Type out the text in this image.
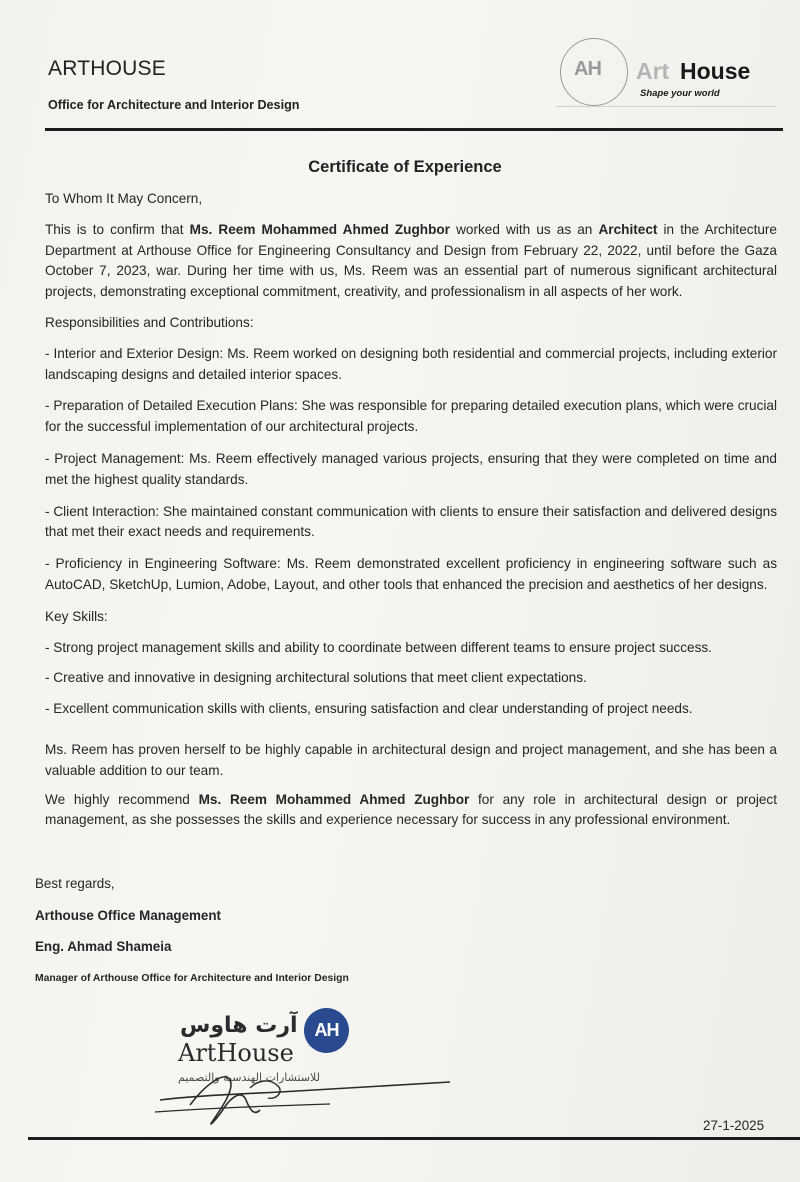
ARTHOUSE
Office for Architecture and Interior Design
AH Art House
Shape your world
Certificate of Experience

To Whom It May Concern,

This is to confirm that Ms. Reem Mohammed Ahmed Zughbor worked with us as an Architect in the Architecture Department at Arthouse Office for Engineering Consultancy and Design from February 22, 2022, until before the Gaza October 7, 2023, war. During her time with us, Ms. Reem was an essential part of numerous significant architectural projects, demonstrating exceptional commitment, creativity, and professionalism in all aspects of her work.

Responsibilities and Contributions:

- Interior and Exterior Design: Ms. Reem worked on designing both residential and commercial projects, including exterior landscaping designs and detailed interior spaces.

- Preparation of Detailed Execution Plans: She was responsible for preparing detailed execution plans, which were crucial for the successful implementation of our architectural projects.

- Project Management: Ms. Reem effectively managed various projects, ensuring that they were completed on time and met the highest quality standards.

- Client Interaction: She maintained constant communication with clients to ensure their satisfaction and delivered designs that met their exact needs and requirements.

- Proficiency in Engineering Software: Ms. Reem demonstrated excellent proficiency in engineering software such as AutoCAD, SketchUp, Lumion, Adobe, Layout, and other tools that enhanced the precision and aesthetics of her designs.

Key Skills:

- Strong project management skills and ability to coordinate between different teams to ensure project success.

- Creative and innovative in designing architectural solutions that meet client expectations.

- Excellent communication skills with clients, ensuring satisfaction and clear understanding of project needs.

Ms. Reem has proven herself to be highly capable in architectural design and project management, and she has been a valuable addition to our team.

We highly recommend Ms. Reem Mohammed Ahmed Zughbor for any role in architectural design or project management, as she possesses the skills and experience necessary for success in any professional environment.

Best regards,
Arthouse Office Management
Eng. Ahmad Shameia
Manager of Arthouse Office for Architecture and Interior Design
آرت هاوس AH
ArtHouse
للاستشارات الهندسية والتصميم
27-1-2025
